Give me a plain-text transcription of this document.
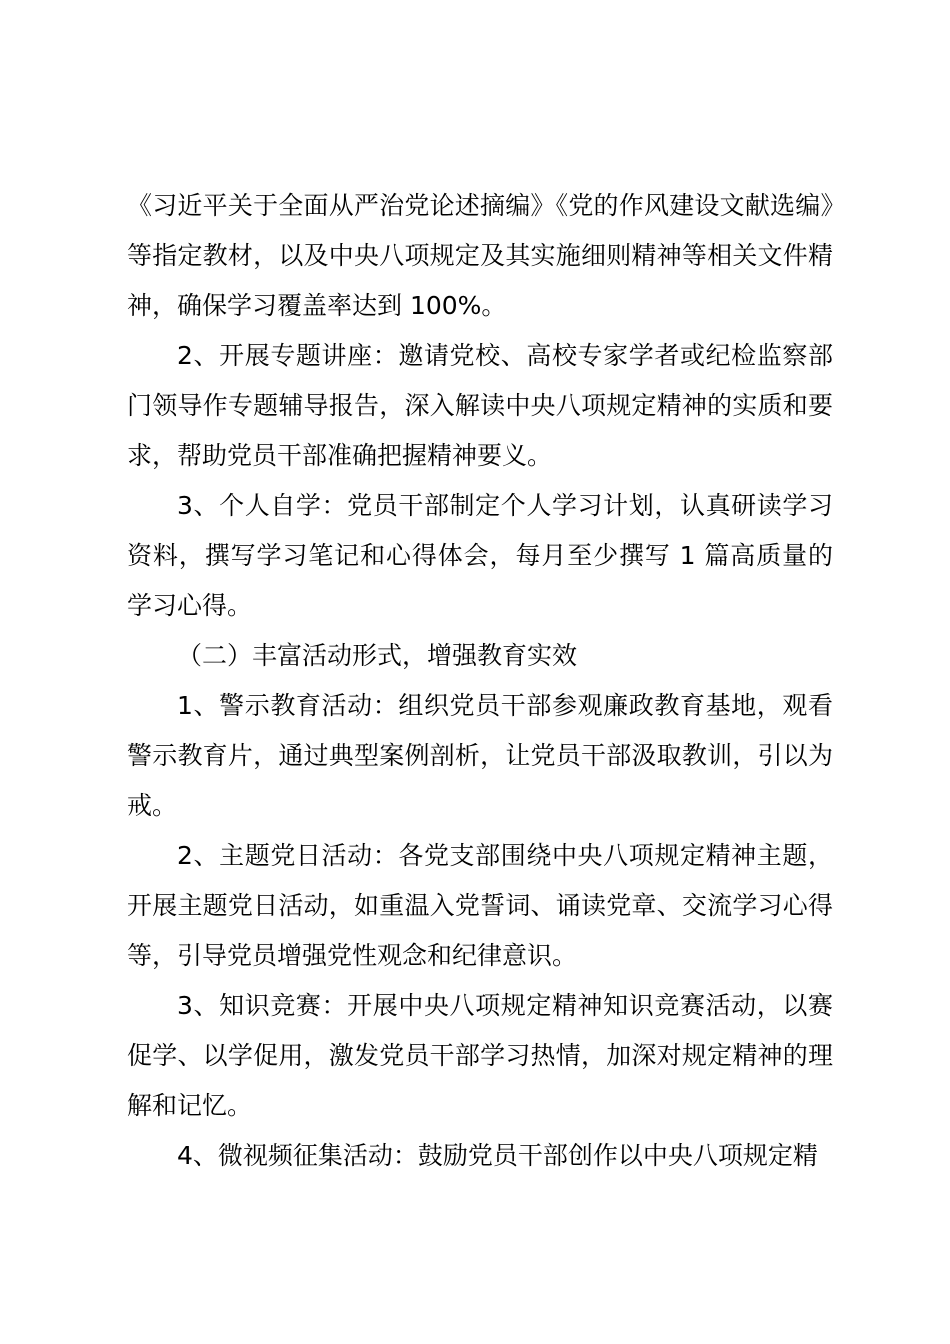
《习近平关于全面从严治党论述摘编》《党的作风建设文献选编》等指定教材，以及中央八项规定及其实施细则精神等相关文件精神，确保学习覆盖率达到 100%。

2、开展专题讲座：邀请党校、高校专家学者或纪检监察部门领导作专题辅导报告，深入解读中央八项规定精神的实质和要求，帮助党员干部准确把握精神要义。

3、个人自学：党员干部制定个人学习计划，认真研读学习资料，撰写学习笔记和心得体会，每月至少撰写 1 篇高质量的学习心得。

（二）丰富活动形式，增强教育实效

1、警示教育活动：组织党员干部参观廉政教育基地，观看警示教育片，通过典型案例剖析，让党员干部汲取教训，引以为戒。

2、主题党日活动：各党支部围绕中央八项规定精神主题，开展主题党日活动，如重温入党誓词、诵读党章、交流学习心得等，引导党员增强党性观念和纪律意识。

3、知识竞赛：开展中央八项规定精神知识竞赛活动，以赛促学、以学促用，激发党员干部学习热情，加深对规定精神的理解和记忆。

4、微视频征集活动：鼓励党员干部创作以中央八项规定精
